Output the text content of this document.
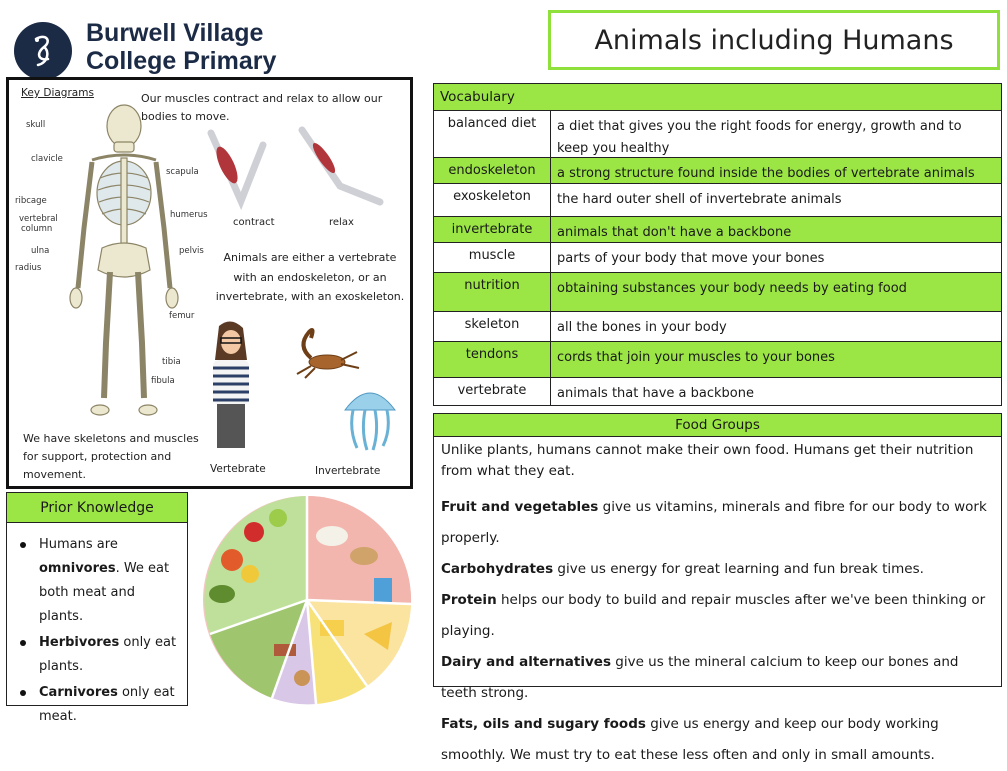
Burwell Village
College Primary
Animals including Humans
Key Diagrams	Our muscles contract and relax to allow our bodies to move.
skull
clavicle
ribcage
vertebral
column
ulna
radius
scapula
humerus
pelvis
femur
tibia
fibula
contract	relax
Animals are either a vertebrate with an endoskeleton, or an invertebrate, with an exoskeleton.
We have skeletons and muscles for support, protection and movement.	Vertebrate	Invertebrate
Prior Knowledge
Humans are omnivores. We eat both meat and plants.
Herbivores only eat plants.
Carnivores only eat meat.
Vocabulary
balanced diet	a diet that gives you the right foods for energy, growth and to keep you healthy
endoskeleton	a strong structure found inside the bodies of vertebrate animals
exoskeleton	the hard outer shell of invertebrate animals
invertebrate	animals that don't have a backbone
muscle	parts of your body that move your bones
nutrition	obtaining substances your body needs by eating food
skeleton	all the bones in your body
tendons	cords that join your muscles to your bones
vertebrate	animals that have a backbone
Food Groups
Unlike plants, humans cannot make their own food. Humans get their nutrition from what they eat.
Fruit and vegetables give us vitamins, minerals and fibre for our body to work properly.
Carbohydrates give us energy for great learning and fun break times.
Protein helps our body to build and repair muscles after we've been thinking or playing.
Dairy and alternatives give us the mineral calcium to keep our bones and teeth strong.
Fats, oils and sugary foods give us energy and keep our body working smoothly. We must try to eat these less often and only in small amounts.
